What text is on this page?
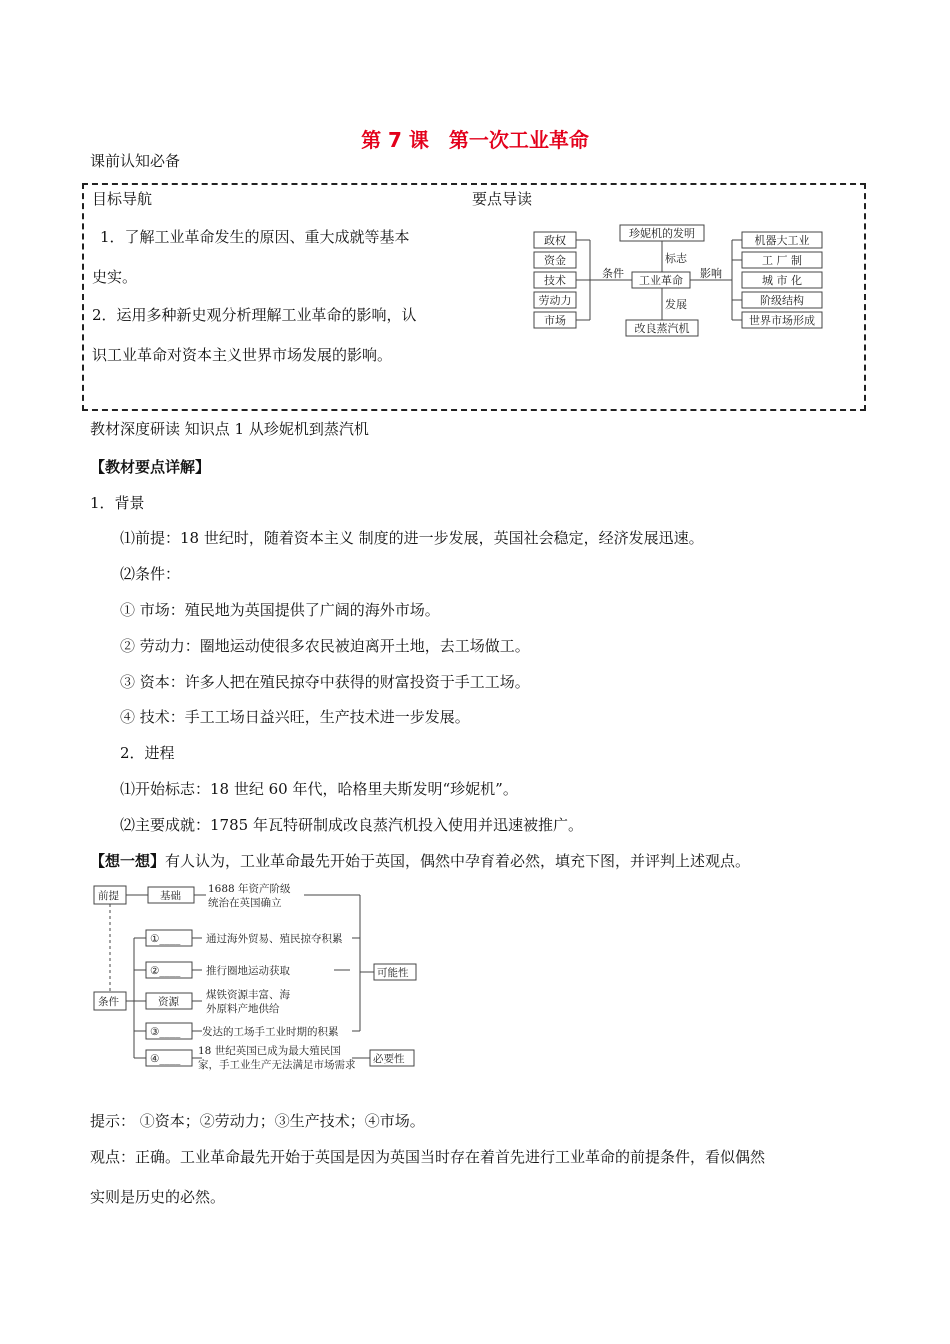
第 7 课　第一次工业革命
课前认知必备
目标导航	要点导读
1．了解工业革命发生的原因、重大成就等基本
史实。
2．运用多种新史观分析理解工业革命的影响，认
识工业革命对资本主义世界市场发展的影响。
政权
资金
技术
劳动力
市场
条件
工业革命
珍妮机的发明
标志
改良蒸汽机
发展
影响
机器大工业
工 厂 制
城 市 化
阶级结构
世界市场形成
教材深度研读 知识点 1 从珍妮机到蒸汽机
【教材要点详解】
1．背景
⑴前提：18 世纪时，随着资本主义 制度的进一步发展，英国社会稳定，经济发展迅速。
⑵条件：
① 市场：殖民地为英国提供了广阔的海外市场。
② 劳动力：圈地运动使很多农民被迫离开土地，去工场做工。
③ 资本：许多人把在殖民掠夺中获得的财富投资于手工工场。
④ 技术：手工工场日益兴旺，生产技术进一步发展。
2．进程
⑴开始标志：18 世纪 60 年代，哈格里夫斯发明“珍妮机”。
⑵主要成就：1785 年瓦特研制成改良蒸汽机投入使用并迅速被推广。
【想一想】有人认为，工业革命最先开始于英国，偶然中孕育着必然，填充下图，并评判上述观点。
前提	基础
1688 年资产阶级
统治在英国确立
条件
①____ 通过海外贸易、殖民掠夺积累
②____ 推行圈地运动获取
资源
煤铁资源丰富、海
外原料产地供给
③____ 发达的工场手工业时期的积累
④____
18 世纪英国已成为最大殖民国
家，手工业生产无法满足市场需求
可能性
必要性
提示： ①资本；②劳动力；③生产技术；④市场。
观点：正确。工业革命最先开始于英国是因为英国当时存在着首先进行工业革命的前提条件，看似偶然
实则是历史的必然。
